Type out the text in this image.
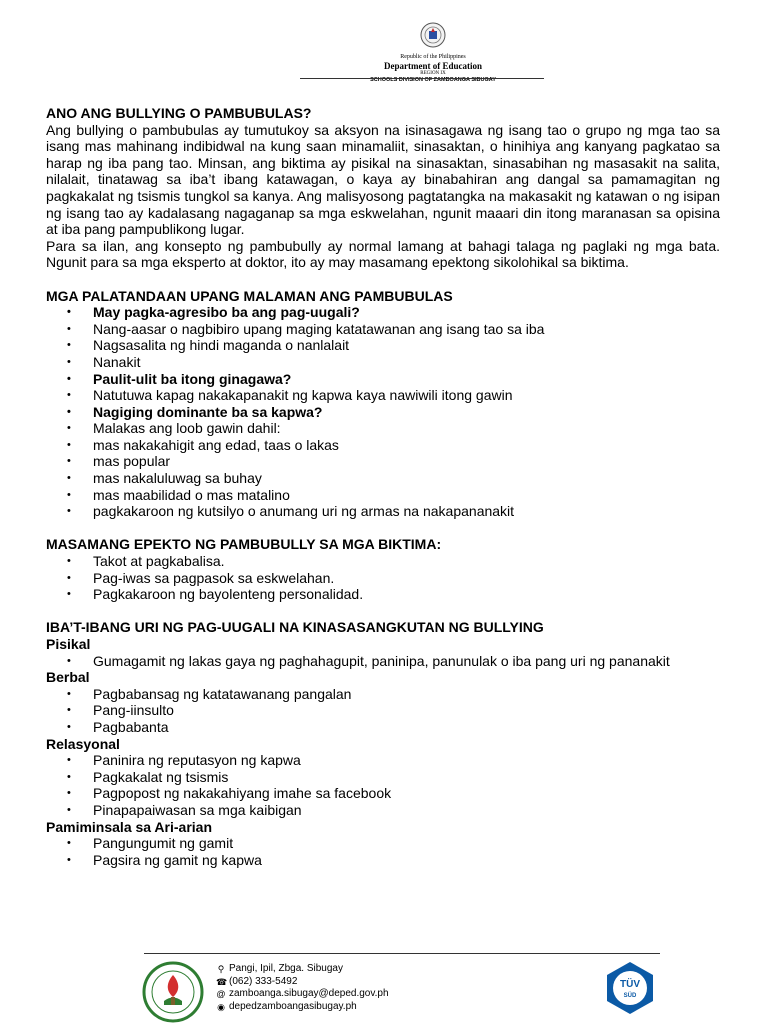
Republic of the Philippines
Department of Education
REGION IX
SCHOOLS DIVISION OF ZAMBOANGA SIBUGAY

ANO ANG BULLYING O PAMBUBULAS?

Ang bullying o pambubulas ay tumutukoy sa aksyon na isinasagawa ng isang tao o grupo ng mga tao sa isang mas mahinang indibidwal na kung saan minamaliit, sinasaktan, o hinihiya ang kanyang pagkatao sa harap ng iba pang tao. Minsan, ang biktima ay pisikal na sinasaktan, sinasabihan ng masasakit na salita, nilalait, tinatawag sa iba’t ibang katawagan, o kaya ay binabahiran ang dangal sa pamamagitan ng pagkakalat ng tsismis tungkol sa kanya. Ang malisyosong pagtatangka na makasakit ng katawan o ng isipan ng isang tao ay kadalasang nagaganap sa mga eskwelahan, ngunit maaari din itong maranasan sa opisina at iba pang pampublikong lugar.

Para sa ilan, ang konsepto ng pambubully ay normal lamang at bahagi talaga ng paglaki ng mga bata. Ngunit para sa mga eksperto at doktor, ito ay may masamang epektong sikolohikal sa biktima.

MGA PALATANDAAN UPANG MALAMAN ANG PAMBUBULAS

• May pagka-agresibo ba ang pag-uugali?
• Nang-aasar o nagbibiro upang maging katatawanan ang isang tao sa iba
• Nagsasalita ng hindi maganda o nanlalait
• Nanakit
• Paulit-ulit ba itong ginagawa?
• Natutuwa kapag nakakapanakit ng kapwa kaya nawiwili itong gawin
• Nagiging dominante ba sa kapwa?
• Malakas ang loob gawin dahil:
• mas nakakahigit ang edad, taas o lakas
• mas popular
• mas nakaluluwag sa buhay
• mas maabilidad o mas matalino
• pagkakaroon ng kutsilyo o anumang uri ng armas na nakapananakit

MASAMANG EPEKTO NG PAMBUBULLY SA MGA BIKTIMA:

• Takot at pagkabalisa.
• Pag-iwas sa pagpasok sa eskwelahan.
• Pagkakaroon ng bayolenteng personalidad.

IBA’T-IBANG URI NG PAG-UUGALI NA KINASASANGKUTAN NG BULLYING

Pisikal

• Gumagamit ng lakas gaya ng paghahagupit, paninipa, panunulak o iba pang uri ng pananakit

Berbal

• Pagbabansag ng katatawanang pangalan
• Pang-iinsulto
• Pagbabanta

Relasyonal

• Paninira ng reputasyon ng kapwa
• Pagkakalat ng tsismis
• Pagpopost ng nakakahiyang imahe sa facebook
• Pinapapaiwasan sa mga kaibigan

Pamiminsala sa Ari-arian

• Pangungumit ng gamit
• Pagsira ng gamit ng kapwa
⚲ Pangi, Ipil, Zbga. Sibugay
☎ (062) 333-5492
@ zamboanga.sibugay@deped.gov.ph
◉ depedzamboangasibugay.ph
TÜV
SÜD
